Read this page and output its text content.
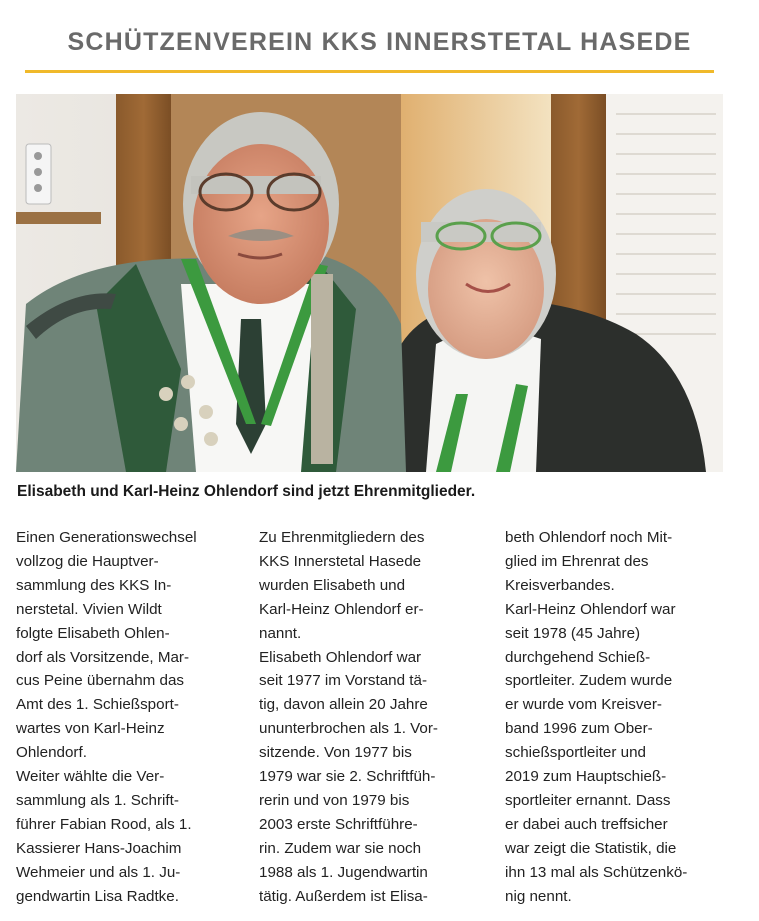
SCHÜTZENVEREIN KKS INNERSTETAL HASEDE
Elisabeth und Karl-Heinz Ohlendorf sind jetzt Ehrenmitglieder.
Einen Generationswechsel
vollzog die Hauptver-
sammlung des KKS In-
nerstetal. Vivien Wildt
folgte Elisabeth Ohlen-
dorf als Vorsitzende, Mar-
cus Peine übernahm das
Amt des 1. Schießsport-
wartes von Karl-Heinz
Ohlendorf.
Weiter wählte die Ver-
sammlung als 1. Schrift-
führer Fabian Rood, als 1.
Kassierer Hans-Joachim
Wehmeier und als 1. Ju-
gendwartin Lisa Radtke.
Zu Ehrenmitgliedern des
KKS Innerstetal Hasede
wurden Elisabeth und
Karl-Heinz Ohlendorf er-
nannt.
Elisabeth Ohlendorf war
seit 1977 im Vorstand tä-
tig, davon allein 20 Jahre
ununterbrochen als 1. Vor-
sitzende. Von 1977 bis
1979 war sie 2. Schriftfüh-
rerin und von 1979 bis
2003 erste Schriftführe-
rin. Zudem war sie noch
1988 als 1. Jugendwartin
tätig. Außerdem ist Elisa-
beth Ohlendorf noch Mit-
glied im Ehrenrat des
Kreisverbandes.
Karl-Heinz Ohlendorf war
seit 1978 (45 Jahre)
durchgehend Schieß-
sportleiter. Zudem wurde
er wurde vom Kreisver-
band 1996 zum Ober-
schießsportleiter und
2019 zum Hauptschieß-
sportleiter ernannt. Dass
er dabei auch treffsicher
war zeigt die Statistik, die
ihn 13 mal als Schützenkö-
nig nennt.
